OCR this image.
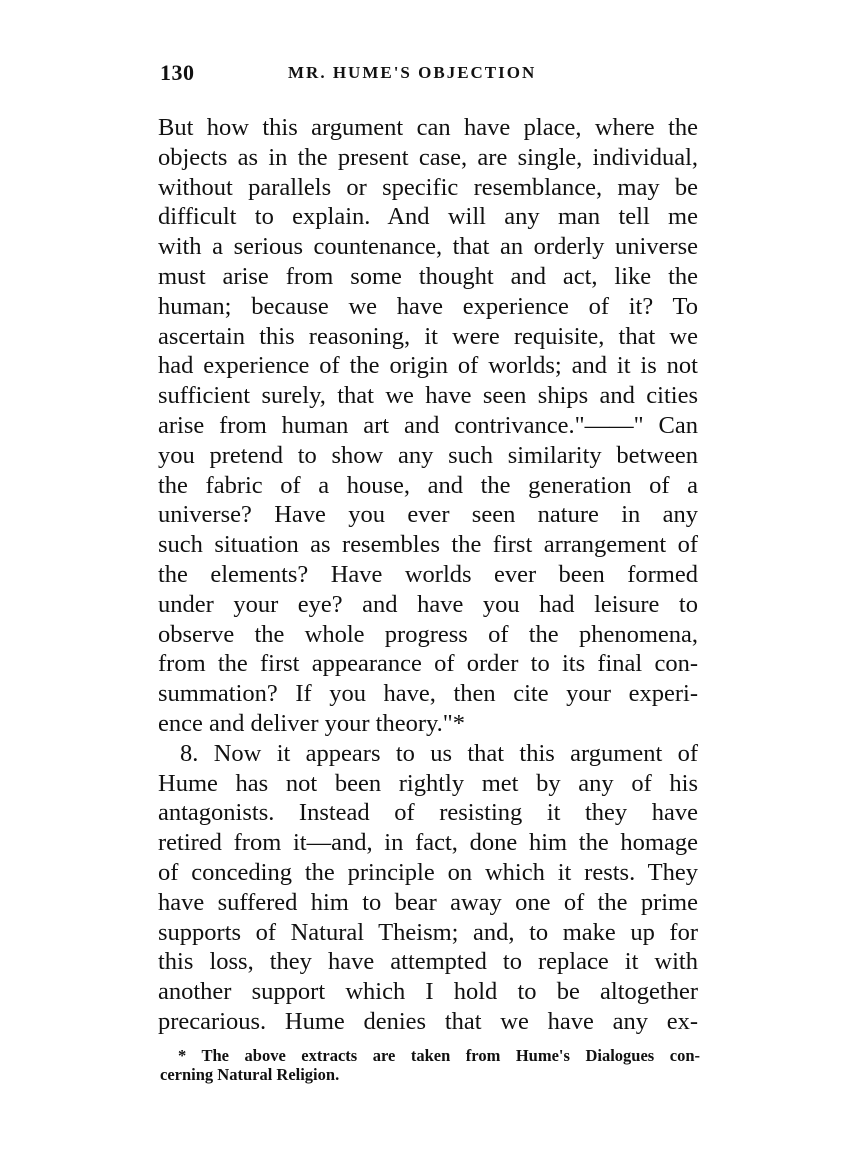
130	MR. HUME'S OBJECTION
But how this argument can have place, where the
objects as in the present case, are single, individual,
without parallels or specific resemblance, may be
difficult to explain. And will any man tell me
with a serious countenance, that an orderly universe
must arise from some thought and act, like the
human; because we have experience of it? To
ascertain this reasoning, it were requisite, that we
had experience of the origin of worlds; and it is not
sufficient surely, that we have seen ships and cities
arise from human art and contrivance."——" Can
you pretend to show any such similarity between
the fabric of a house, and the generation of a
universe? Have you ever seen nature in any
such situation as resembles the first arrangement of
the elements? Have worlds ever been formed
under your eye? and have you had leisure to
observe the whole progress of the phenomena,
from the first appearance of order to its final con-
summation? If you have, then cite your experi-
ence and deliver your theory."*
8. Now it appears to us that this argument of
Hume has not been rightly met by any of his
antagonists. Instead of resisting it they have
retired from it—and, in fact, done him the homage
of conceding the principle on which it rests. They
have suffered him to bear away one of the prime
supports of Natural Theism; and, to make up for
this loss, they have attempted to replace it with
another support which I hold to be altogether
precarious. Hume denies that we have any ex-
* The above extracts are taken from Hume's Dialogues con-
cerning Natural Religion.
